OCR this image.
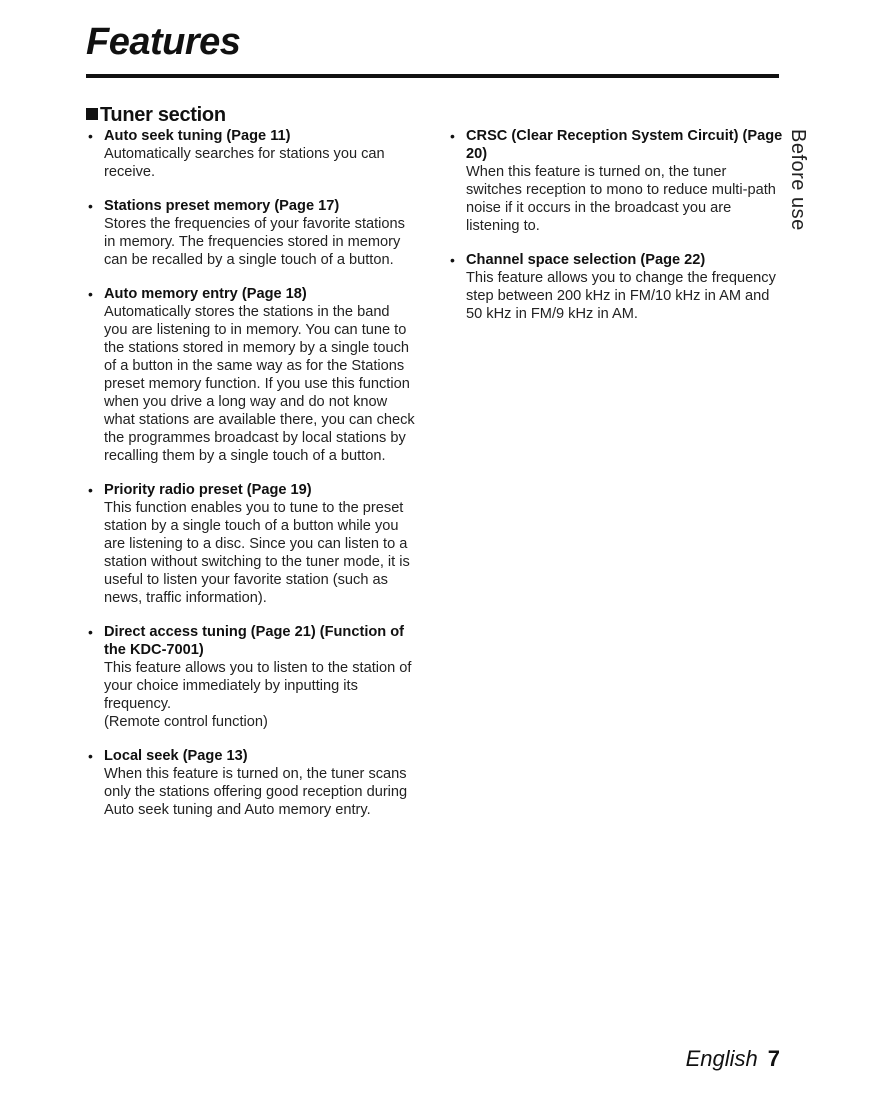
Features
Tuner section
• Auto seek tuning (Page 11)
Automatically searches for stations you can receive.
• Stations preset memory (Page 17)
Stores the frequencies of your favorite stations in memory. The frequencies stored in memory can be recalled by a single touch of a button.
• Auto memory entry (Page 18)
Automatically stores the stations in the band you are listening to in memory. You can tune to the stations stored in memory by a single touch of a button in the same way as for the Stations preset memory function. If you use this function when you drive a long way and do not know what stations are available there, you can check the programmes broadcast by local stations by recalling them by a single touch of a button.
• Priority radio preset (Page 19)
This function enables you to tune to the preset station by a single touch of a button while you are listening to a disc. Since you can listen to a station without switching to the tuner mode, it is useful to listen your favorite station (such as news, traffic information).
• Direct access tuning (Page 21) (Function of the KDC-7001)
This feature allows you to listen to the station of your choice immediately by inputting its frequency.
(Remote control function)
• Local seek (Page 13)
When this feature is turned on, the tuner scans only the stations offering good reception during Auto seek tuning and Auto memory entry.
• CRSC (Clear Reception System Circuit) (Page 20)
When this feature is turned on, the tuner switches reception to mono to reduce multi-path noise if it occurs in the broadcast you are listening to.
• Channel space selection (Page 22)
This feature allows you to change the frequency step between 200 kHz in FM/10 kHz in AM and 50 kHz in FM/9 kHz in AM.
Before use
English 7
